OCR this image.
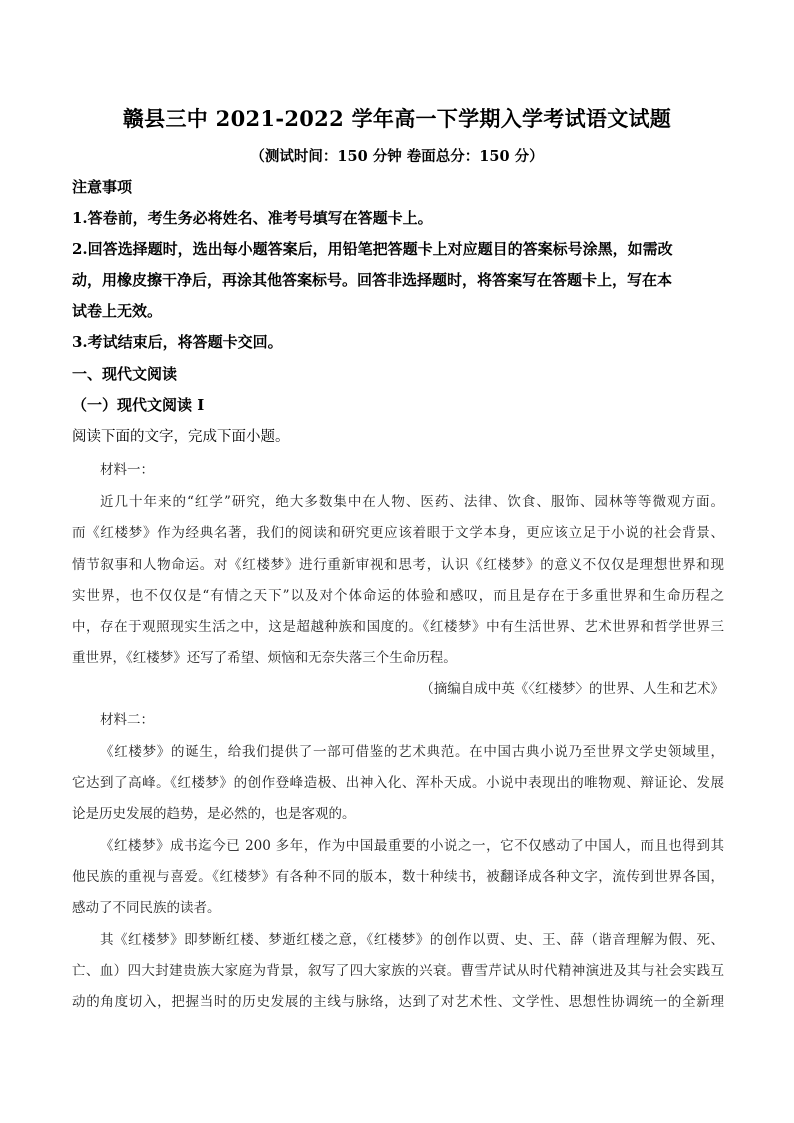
赣县三中 2021-2022 学年高一下学期入学考试语文试题
（测试时间：150 分钟 卷面总分：150 分）
注意事项
1.答卷前，考生务必将姓名、准考号填写在答题卡上。
2.回答选择题时，选出每小题答案后，用铅笔把答题卡上对应题目的答案标号涂黑，如需改
动，用橡皮擦干净后，再涂其他答案标号。回答非选择题时，将答案写在答题卡上，写在本
试卷上无效。
3.考试结束后，将答题卡交回。
一、现代文阅读
（一）现代文阅读 I
阅读下面的文字，完成下面小题。
材料一：
近几十年来的“红学”研究，绝大多数集中在人物、医药、法律、饮食、服饰、园林等等微观方面。
而《红楼梦》作为经典名著，我们的阅读和研究更应该着眼于文学本身，更应该立足于小说的社会背景、
情节叙事和人物命运。对《红楼梦》进行重新审视和思考，认识《红楼梦》的意义不仅仅是理想世界和现
实世界，也不仅仅是“有情之天下”以及对个体命运的体验和感叹，而且是存在于多重世界和生命历程之
中，存在于观照现实生活之中，这是超越种族和国度的。《红楼梦》中有生活世界、艺术世界和哲学世界三
重世界，《红楼梦》还写了希望、烦恼和无奈失落三个生命历程。
（摘编自成中英《〈红楼梦〉的世界、人生和艺术》
材料二：
《红楼梦》的诞生，给我们提供了一部可借鉴的艺术典范。在中国古典小说乃至世界文学史领域里，
它达到了高峰。《红楼梦》的创作登峰造极、出神入化、浑朴天成。小说中表现出的唯物观、辩证论、发展
论是历史发展的趋势，是必然的，也是客观的。
《红楼梦》成书迄今已 200 多年，作为中国最重要的小说之一，它不仅感动了中国人，而且也得到其
他民族的重视与喜爱。《红楼梦》有各种不同的版本，数十种续书，被翻译成各种文字，流传到世界各国，
感动了不同民族的读者。
其《红楼梦》即梦断红楼、梦逝红楼之意，《红楼梦》的创作以贾、史、王、薛（谐音理解为假、死、
亡、血）四大封建贵族大家庭为背景，叙写了四大家族的兴衰。曹雪芹试从时代精神演进及其与社会实践互
动的角度切入，把握当时的历史发展的主线与脉络，达到了对艺术性、文学性、思想性协调统一的全新理
